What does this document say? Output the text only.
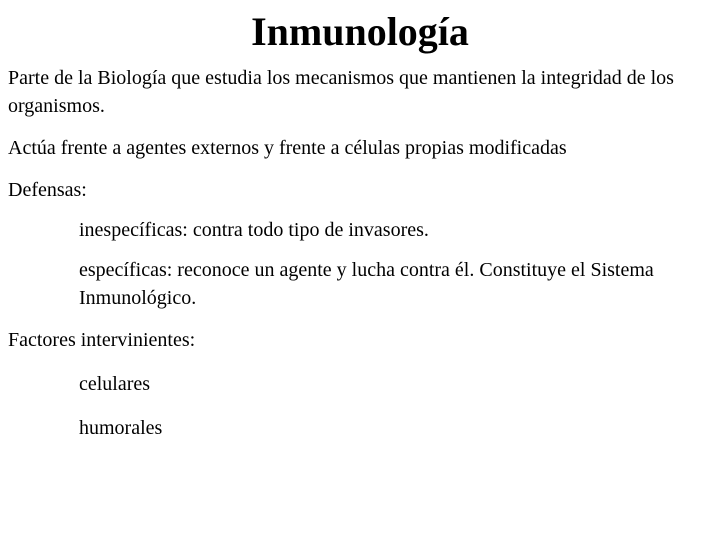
Inmunología

Parte de la Biología que estudia los mecanismos que mantienen la integridad de los organismos.

Actúa frente a agentes externos y frente a células propias modificadas

Defensas:

inespecíficas: contra todo tipo de invasores.

específicas: reconoce un agente y lucha contra él. Constituye el Sistema Inmunológico.

Factores intervinientes:

celulares

humorales
